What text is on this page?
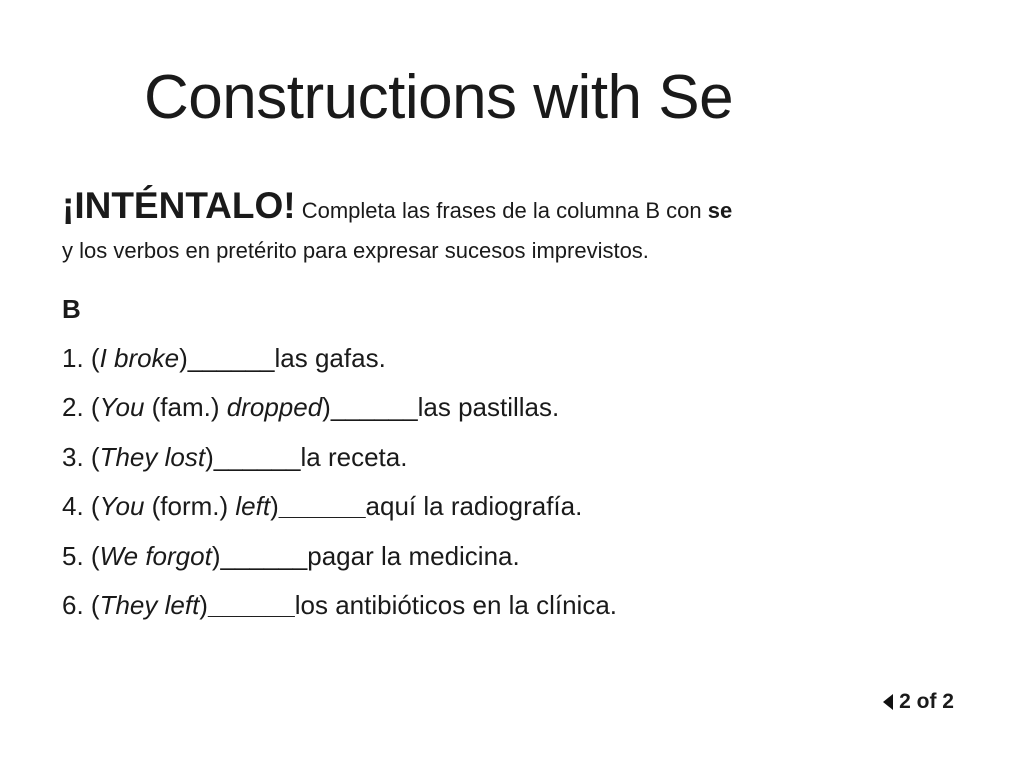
Constructions with Se
¡INTÉNTALO! Completa las frases de la columna B con se
y los verbos en pretérito para expresar sucesos imprevistos.
B
1. (I broke)______las gafas.
2. (You (fam.) dropped)______las pastillas.
3. (They lost)______la receta.
4. (You (form.) left)______aquí la radiografía.
5. (We forgot)______pagar la medicina.
6. (They left)______los antibióticos en la clínica.
2 of 2
